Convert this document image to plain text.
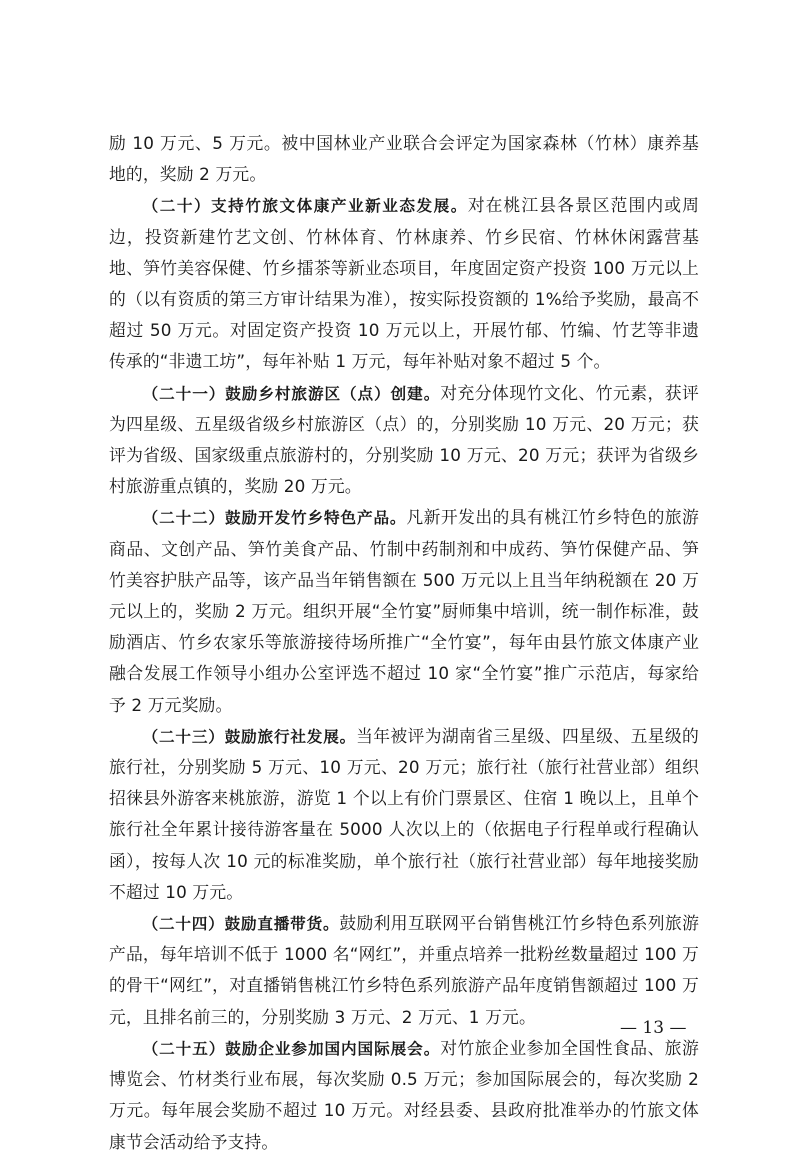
励 10 万元、5 万元。被中国林业产业联合会评定为国家森林（竹林）康养基地的，奖励 2 万元。

（二十）支持竹旅文体康产业新业态发展。对在桃江县各景区范围内或周边，投资新建竹艺文创、竹林体育、竹林康养、竹乡民宿、竹林休闲露营基地、笋竹美容保健、竹乡擂茶等新业态项目，年度固定资产投资 100 万元以上的（以有资质的第三方审计结果为准），按实际投资额的 1%给予奖励，最高不超过 50 万元。对固定资产投资 10 万元以上，开展竹郁、竹编、竹艺等非遗传承的“非遗工坊”，每年补贴 1 万元，每年补贴对象不超过 5 个。

（二十一）鼓励乡村旅游区（点）创建。对充分体现竹文化、竹元素，获评为四星级、五星级省级乡村旅游区（点）的，分别奖励 10 万元、20 万元；获评为省级、国家级重点旅游村的，分别奖励 10 万元、20 万元；获评为省级乡村旅游重点镇的，奖励 20 万元。

（二十二）鼓励开发竹乡特色产品。凡新开发出的具有桃江竹乡特色的旅游商品、文创产品、笋竹美食产品、竹制中药制剂和中成药、笋竹保健产品、笋竹美容护肤产品等，该产品当年销售额在 500 万元以上且当年纳税额在 20 万元以上的，奖励 2 万元。组织开展“全竹宴”厨师集中培训，统一制作标准，鼓励酒店、竹乡农家乐等旅游接待场所推广“全竹宴”，每年由县竹旅文体康产业融合发展工作领导小组办公室评选不超过 10 家“全竹宴”推广示范店，每家给予 2 万元奖励。

（二十三）鼓励旅行社发展。当年被评为湖南省三星级、四星级、五星级的旅行社，分别奖励 5 万元、10 万元、20 万元；旅行社（旅行社营业部）组织招徕县外游客来桃旅游，游览 1 个以上有价门票景区、住宿 1 晚以上，且单个旅行社全年累计接待游客量在 5000 人次以上的（依据电子行程单或行程确认函），按每人次 10 元的标准奖励，单个旅行社（旅行社营业部）每年地接奖励不超过 10 万元。

（二十四）鼓励直播带货。鼓励利用互联网平台销售桃江竹乡特色系列旅游产品，每年培训不低于 1000 名“网红”，并重点培养一批粉丝数量超过 100 万的骨干“网红”，对直播销售桃江竹乡特色系列旅游产品年度销售额超过 100 万元，且排名前三的，分别奖励 3 万元、2 万元、1 万元。

（二十五）鼓励企业参加国内国际展会。对竹旅企业参加全国性食品、旅游博览会、竹材类行业布展，每次奖励 0.5 万元；参加国际展会的，每次奖励 2 万元。每年展会奖励不超过 10 万元。对经县委、县政府批准举办的竹旅文体康节会活动给予支持。

— 13 —
